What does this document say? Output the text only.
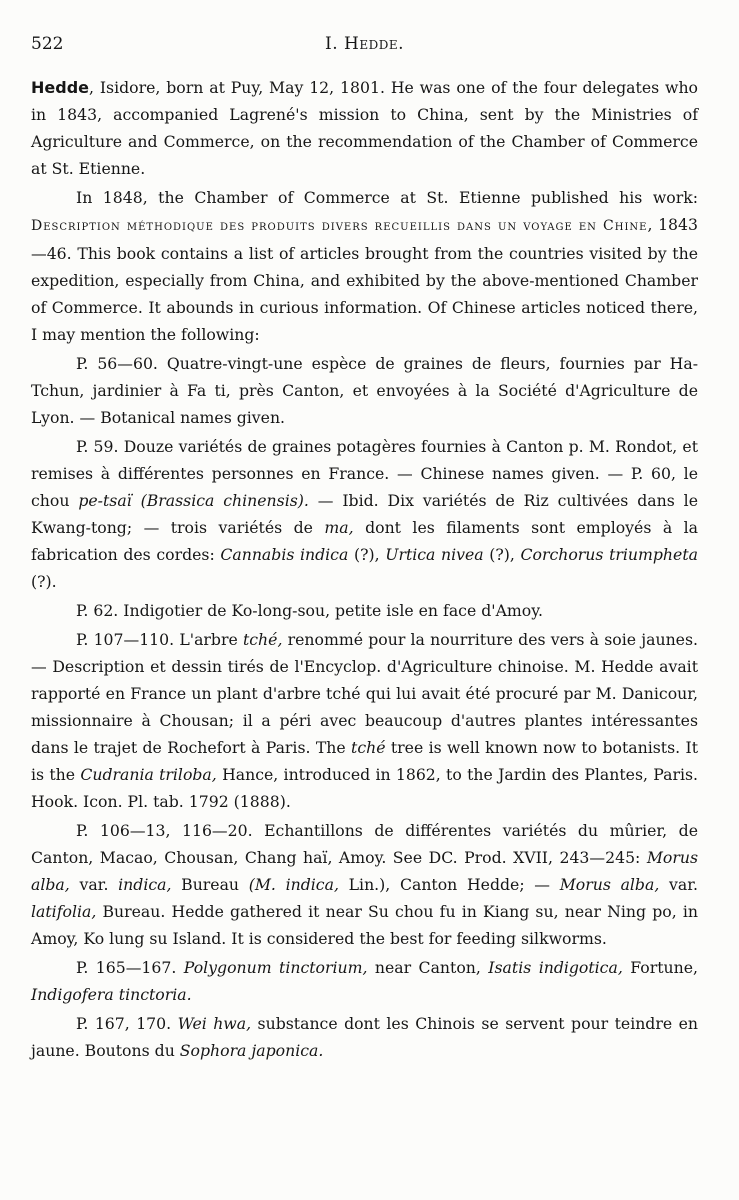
522	I. Hedde.

Hedde, Isidore, born at Puy, May 12, 1801. He was one of the four delegates who in 1843, accompanied Lagrené's mission to China, sent by the Ministries of Agriculture and Commerce, on the recommendation of the Chamber of Commerce at St. Etienne.

In 1848, the Chamber of Commerce at St. Etienne published his work: Description méthodique des produits divers recueillis dans un voyage en Chine, 1843—46. This book contains a list of articles brought from the countries visited by the expedition, especially from China, and exhibited by the above-mentioned Chamber of Commerce. It abounds in curious information. Of Chinese articles noticed there, I may mention the following:

P. 56—60. Quatre-vingt-une espèce de graines de fleurs, fournies par Ha-Tchun, jardinier à Fa ti, près Canton, et envoyées à la Société d'Agriculture de Lyon. — Botanical names given.

P. 59. Douze variétés de graines potagères fournies à Canton p. M. Rondot, et remises à différentes personnes en France. — Chinese names given. — P. 60, le chou pe-tsaï (Brassica chinensis). — Ibid. Dix variétés de Riz cultivées dans le Kwang-tong; — trois variétés de ma, dont les filaments sont employés à la fabrication des cordes: Cannabis indica (?), Urtica nivea (?), Corchorus triumpheta (?).

P. 62. Indigotier de Ko-long-sou, petite isle en face d'Amoy.

P. 107—110. L'arbre tché, renommé pour la nourriture des vers à soie jaunes. — Description et dessin tirés de l'Encyclop. d'Agriculture chinoise. M. Hedde avait rapporté en France un plant d'arbre tché qui lui avait été procuré par M. Danicour, missionnaire à Chousan; il a péri avec beaucoup d'autres plantes intéressantes dans le trajet de Rochefort à Paris. The tché tree is well known now to botanists. It is the Cudrania triloba, Hance, introduced in 1862, to the Jardin des Plantes, Paris. Hook. Icon. Pl. tab. 1792 (1888).

P. 106—13, 116—20. Echantillons de différentes variétés du mûrier, de Canton, Macao, Chousan, Chang haï, Amoy. See DC. Prod. XVII, 243—245: Morus alba, var. indica, Bureau (M. indica, Lin.), Canton Hedde; — Morus alba, var. latifolia, Bureau. Hedde gathered it near Su chou fu in Kiang su, near Ning po, in Amoy, Ko lung su Island. It is considered the best for feeding silkworms.

P. 165—167. Polygonum tinctorium, near Canton, Isatis indigotica, Fortune, Indigofera tinctoria.

P. 167, 170. Wei hwa, substance dont les Chinois se servent pour teindre en jaune. Boutons du Sophora japonica.
